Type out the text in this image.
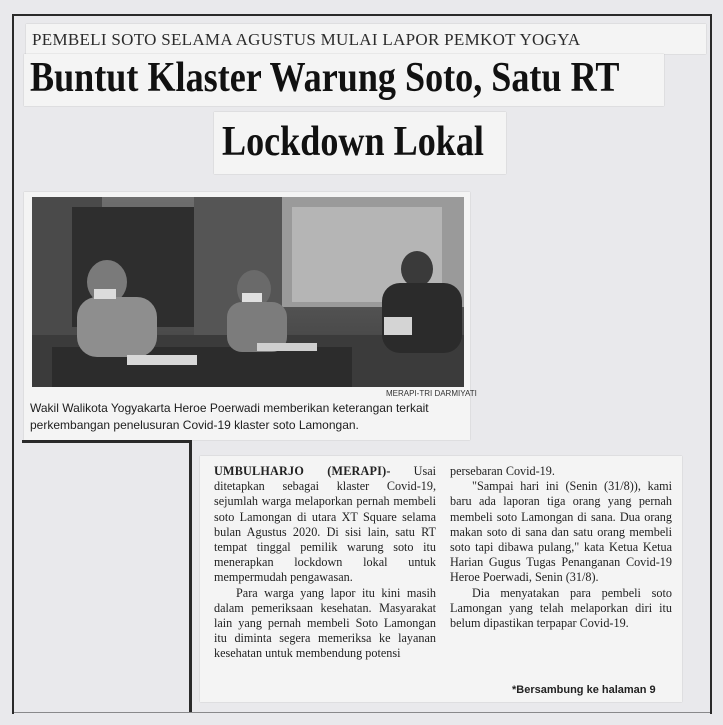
PEMBELI SOTO SELAMA AGUSTUS MULAI LAPOR PEMKOT YOGYA
Buntut Klaster Warung Soto, Satu RT
Lockdown Lokal
MERAPI-TRI DARMIYATI
Wakil Walikota Yogyakarta Heroe Poerwadi memberikan keterangan terkait perkembangan penelusuran Covid-19 klaster soto Lamongan.

UMBULHARJO (MERAPI)- Usai ditetapkan sebagai klaster Covid-19, sejumlah warga melaporkan pernah membeli soto Lamongan di utara XT Square selama bulan Agustus 2020. Di sisi lain, satu RT tempat tinggal pemilik warung soto itu menerapkan lockdown lokal untuk mempermudah pengawasan.

Para warga yang lapor itu kini masih dalam pemeriksaan kesehatan. Masyarakat lain yang pernah membeli Soto Lamongan itu diminta segera memeriksa ke layanan kesehatan untuk membendung potensi

persebaran Covid-19.

"Sampai hari ini (Senin (31/8)), kami baru ada laporan tiga orang yang pernah membeli soto Lamongan di sana. Dua orang makan soto di sana dan satu orang membeli soto tapi dibawa pulang," kata Ketua Ketua Harian Gugus Tugas Penanganan Covid-19 Heroe Poerwadi, Senin (31/8).

Dia menyatakan para pembeli soto Lamongan yang telah melaporkan diri itu belum dipastikan terpapar Covid-19.

*Bersambung ke halaman 9
